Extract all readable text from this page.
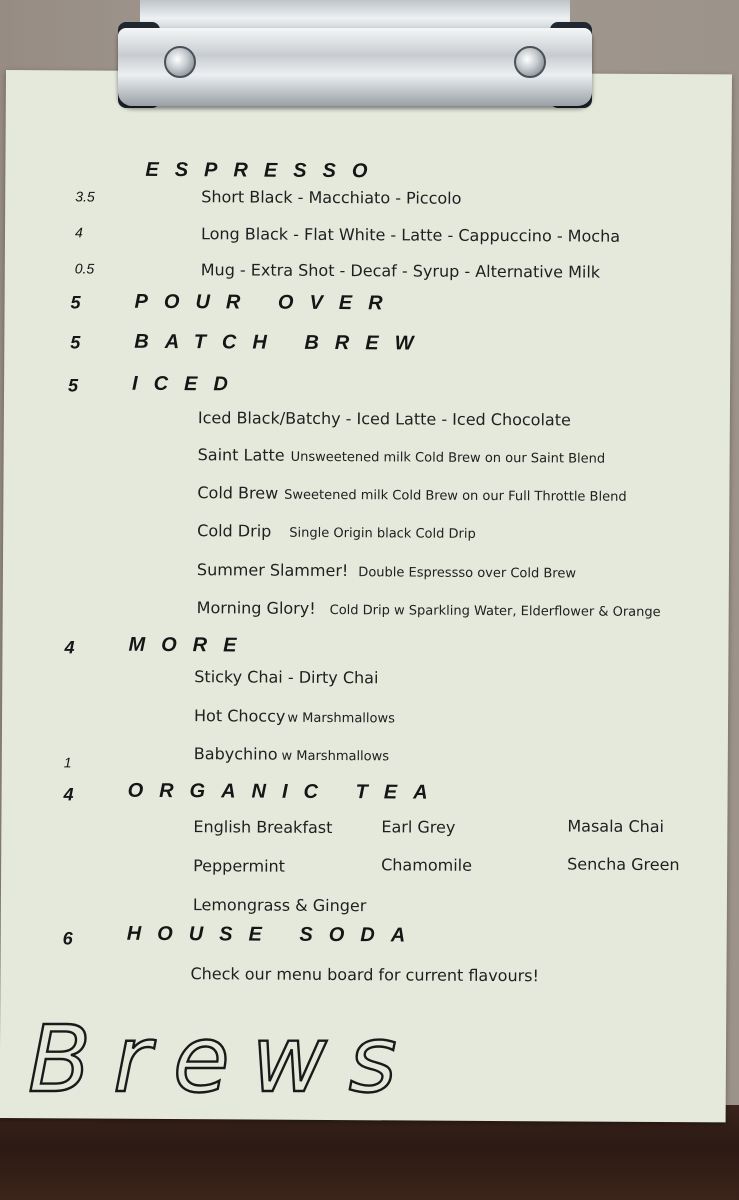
ESPRESSO
3.5	Short Black - Macchiato - Piccolo
4	Long Black - Flat White - Latte - Cappuccino - Mocha
0.5	Mug - Extra Shot - Decaf - Syrup - Alternative Milk
5	POUR OVER
5	BATCH BREW
5	ICED
Iced Black/Batchy - Iced Latte - Iced Chocolate
Saint Latte Unsweetened milk Cold Brew on our Saint Blend
Cold Brew Sweetened milk Cold Brew on our Full Throttle Blend
Cold Drip Single Origin black Cold Drip
Summer Slammer! Double Espressso over Cold Brew
Morning Glory! Cold Drip w Sparkling Water, Elderflower & Orange
4	MORE
Sticky Chai - Dirty Chai
Hot Choccy w Marshmallows
1	Babychino w Marshmallows
4	ORGANIC TEA
English Breakfast	Earl Grey	Masala Chai
Peppermint	Chamomile	Sencha Green
Lemongrass & Ginger
6	HOUSE SODA
Check our menu board for current flavours!
Brews
